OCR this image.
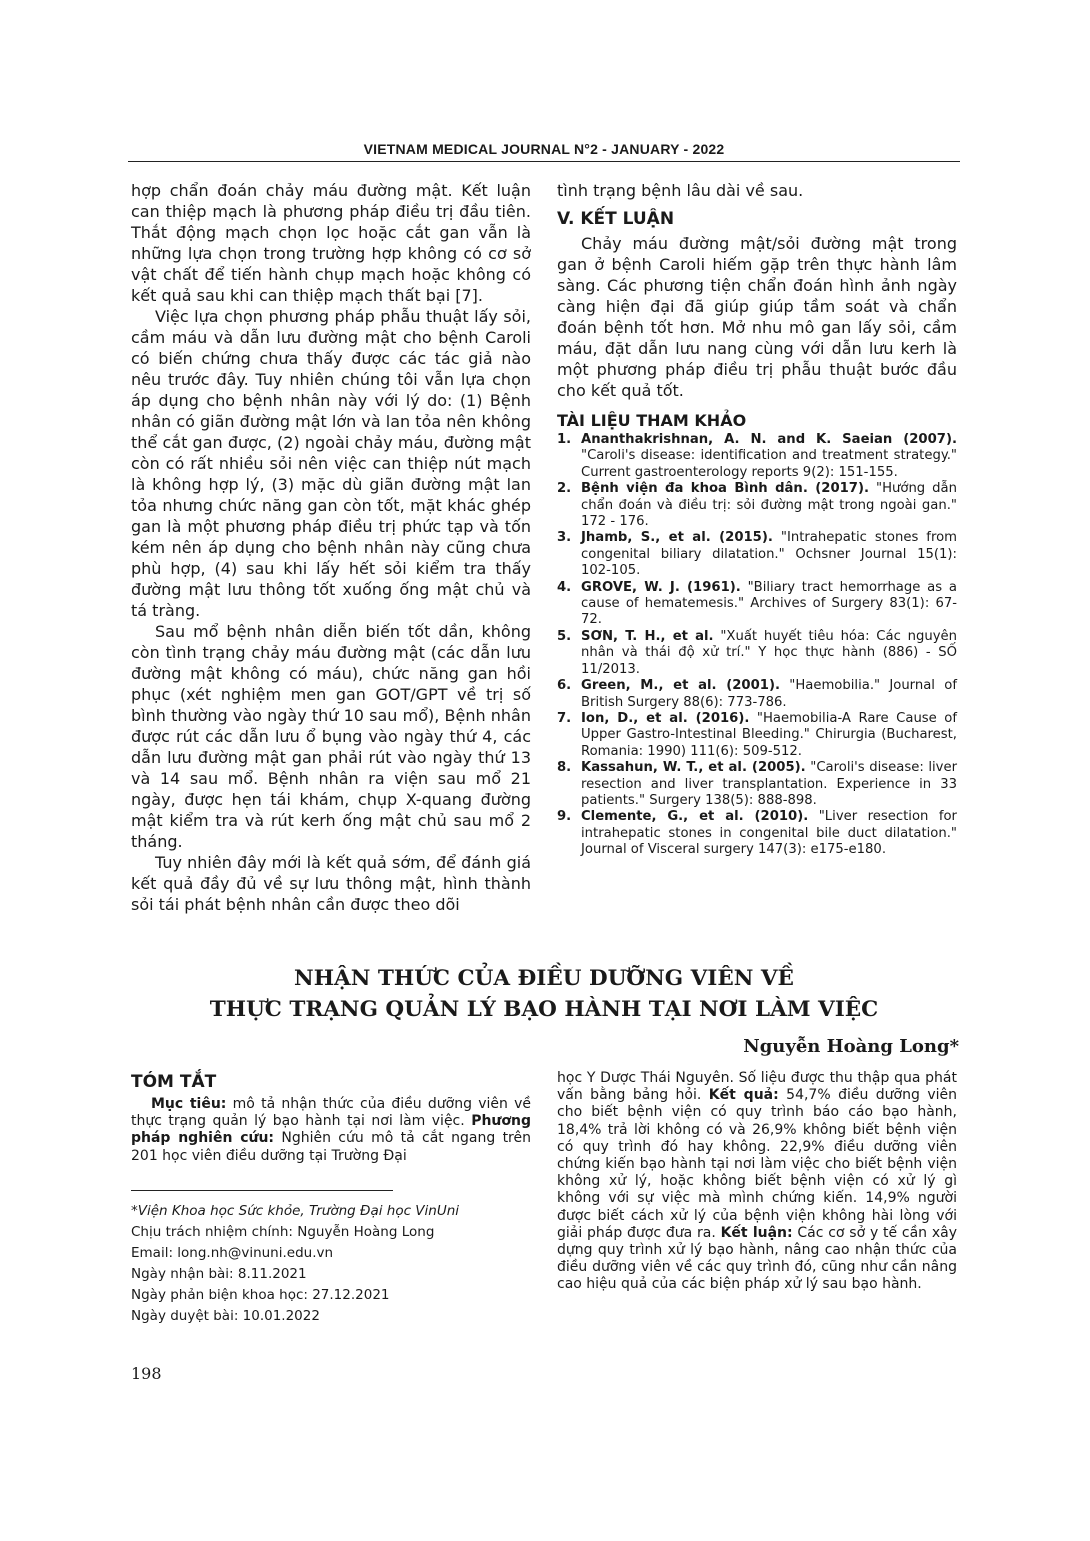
VIETNAM MEDICAL JOURNAL N°2 - JANUARY - 2022

hợp chẩn đoán chảy máu đường mật. Kết luận can thiệp mạch là phương pháp điều trị đầu tiên. Thắt động mạch chọn lọc hoặc cắt gan vẫn là những lựa chọn trong trường hợp không có cơ sở vật chất để tiến hành chụp mạch hoặc không có kết quả sau khi can thiệp mạch thất bại [7].

Việc lựa chọn phương pháp phẫu thuật lấy sỏi, cầm máu và dẫn lưu đường mật cho bệnh Caroli có biến chứng chưa thấy được các tác giả nào nêu trước đây. Tuy nhiên chúng tôi vẫn lựa chọn áp dụng cho bệnh nhân này với lý do: (1) Bệnh nhân có giãn đường mật lớn và lan tỏa nên không thể cắt gan được, (2) ngoài chảy máu, đường mật còn có rất nhiều sỏi nên việc can thiệp nút mạch là không hợp lý, (3) mặc dù giãn đường mật lan tỏa nhưng chức năng gan còn tốt, mặt khác ghép gan là một phương pháp điều trị phức tạp và tốn kém nên áp dụng cho bệnh nhân này cũng chưa phù hợp, (4) sau khi lấy hết sỏi kiểm tra thấy đường mật lưu thông tốt xuống ống mật chủ và tá tràng.

Sau mổ bệnh nhân diễn biến tốt dần, không còn tình trạng chảy máu đường mật (các dẫn lưu đường mật không có máu), chức năng gan hồi phục (xét nghiệm men gan GOT/GPT về trị số bình thường vào ngày thứ 10 sau mổ), Bệnh nhân được rút các dẫn lưu ổ bụng vào ngày thứ 4, các dẫn lưu đường mật gan phải rút vào ngày thứ 13 và 14 sau mổ. Bệnh nhân ra viện sau mổ 21 ngày, được hẹn tái khám, chụp X-quang đường mật kiểm tra và rút kerh ống mật chủ sau mổ 2 tháng.

Tuy nhiên đây mới là kết quả sớm, để đánh giá kết quả đầy đủ về sự lưu thông mật, hình thành sỏi tái phát bệnh nhân cần được theo dõi

tình trạng bệnh lâu dài về sau.

V. KẾT LUẬN

Chảy máu đường mật/sỏi đường mật trong gan ở bệnh Caroli hiếm gặp trên thực hành lâm sàng. Các phương tiện chẩn đoán hình ảnh ngày càng hiện đại đã giúp giúp tầm soát và chẩn đoán bệnh tốt hơn. Mở nhu mô gan lấy sỏi, cầm máu, đặt dẫn lưu nang cùng với dẫn lưu kerh là một phương pháp điều trị phẫu thuật bước đầu cho kết quả tốt.

TÀI LIỆU THAM KHẢO
1. Ananthakrishnan, A. N. and K. Saeian (2007). "Caroli's disease: identification and treatment strategy." Current gastroenterology reports 9(2): 151-155.
2. Bệnh viện đa khoa Bình dân. (2017). "Hướng dẫn chẩn đoán và điều trị: sỏi đường mật trong ngoài gan." 172 - 176.
3. Jhamb, S., et al. (2015). "Intrahepatic stones from congenital biliary dilatation." Ochsner Journal 15(1): 102-105.
4. GROVE, W. J. (1961). "Biliary tract hemorrhage as a cause of hematemesis." Archives of Surgery 83(1): 67-72.
5. SƠN, T. H., et al. "Xuất huyết tiêu hóa: Các nguyên nhân và thái độ xử trí." Y học thực hành (886) - SỐ 11/2013.
6. Green, M., et al. (2001). "Haemobilia." Journal of British Surgery 88(6): 773-786.
7. Ion, D., et al. (2016). "Haemobilia-A Rare Cause of Upper Gastro-Intestinal Bleeding." Chirurgia (Bucharest, Romania: 1990) 111(6): 509-512.
8. Kassahun, W. T., et al. (2005). "Caroli's disease: liver resection and liver transplantation. Experience in 33 patients." Surgery 138(5): 888-898.
9. Clemente, G., et al. (2010). "Liver resection for intrahepatic stones in congenital bile duct dilatation." Journal of Visceral surgery 147(3): e175-e180.
NHẬN THỨC CỦA ĐIỀU DƯỠNG VIÊN VỀ
THỰC TRẠNG QUẢN LÝ BẠO HÀNH TẠI NƠI LÀM VIỆC
Nguyễn Hoàng Long*
TÓM TẮT

Mục tiêu: mô tả nhận thức của điều dưỡng viên về thực trạng quản lý bạo hành tại nơi làm việc. Phương pháp nghiên cứu: Nghiên cứu mô tả cắt ngang trên 201 học viên điều dưỡng tại Trường Đại

học Y Dược Thái Nguyên. Số liệu được thu thập qua phát vấn bằng bảng hỏi. Kết quả: 54,7% điều dưỡng viên cho biết bệnh viện có quy trình báo cáo bạo hành, 18,4% trả lời không có và 26,9% không biết bệnh viện có quy trình đó hay không. 22,9% điều dưỡng viên chứng kiến bạo hành tại nơi làm việc cho biết bệnh viện không xử lý, hoặc không biết bệnh viện có xử lý gì không với sự việc mà mình chứng kiến. 14,9% người được biết cách xử lý của bệnh viện không hài lòng với giải pháp được đưa ra. Kết luận: Các cơ sở y tế cần xây dựng quy trình xử lý bạo hành, nâng cao nhận thức của điều dưỡng viên về các quy trình đó, cũng như cần nâng cao hiệu quả của các biện pháp xử lý sau bạo hành.

*Viện Khoa học Sức khỏe, Trường Đại học VinUni

Chịu trách nhiệm chính: Nguyễn Hoàng Long

Email: long.nh@vinuni.edu.vn

Ngày nhận bài: 8.11.2021

Ngày phản biện khoa học: 27.12.2021

Ngày duyệt bài: 10.01.2022

198
